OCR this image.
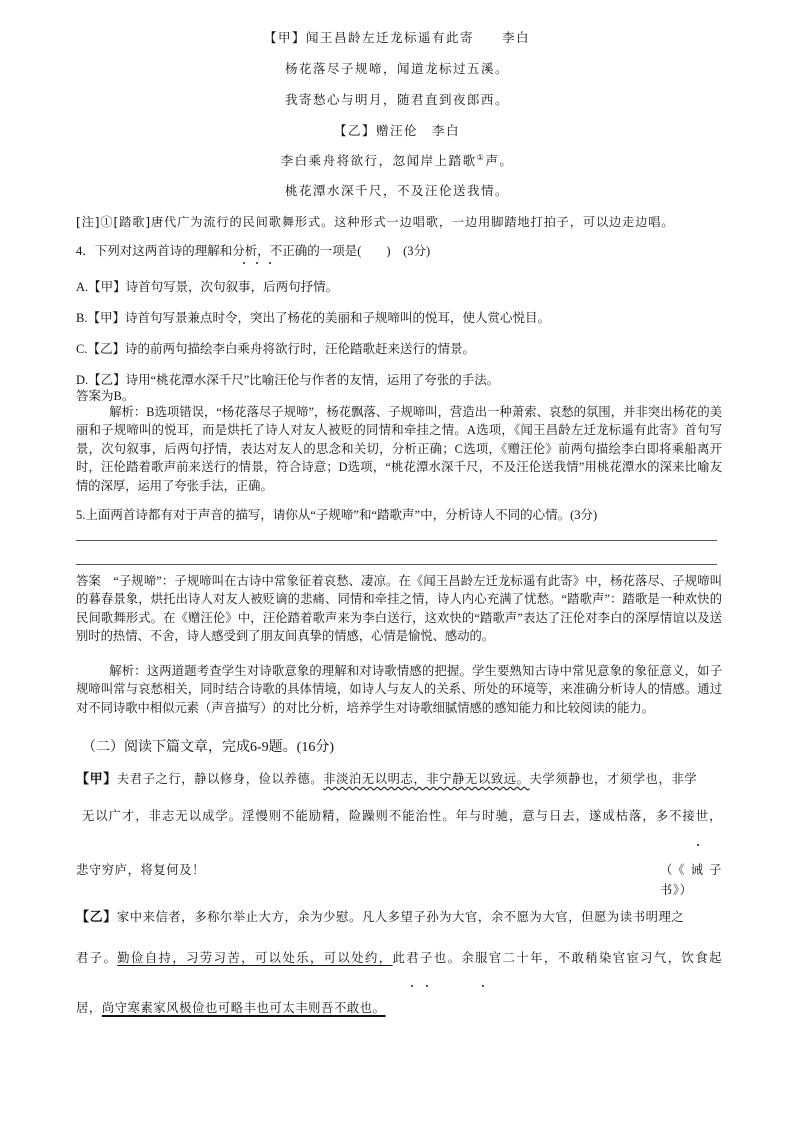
【甲】闻王昌龄左迁龙标遥有此寄　　 李白
杨花落尽子规啼，闻道龙标过五溪。
我寄愁心与明月，随君直到夜郎西。
【乙】赠汪伦　 李白
李白乘舟将欲行，忽闻岸上踏歌①声。
桃花潭水深千尺，不及汪伦送我情。
[注]①[踏歌]唐代广为流行的民间歌舞形式。这种形式一边唱歌，一边用脚踏地打拍子，可以边走边唱。
4．下列对这两首诗的理解和分析，不正确的一项是(　　)　(3分)
A.【甲】诗首句写景，次句叙事，后两句抒情。
B.【甲】诗首句写景兼点时令，突出了杨花的美丽和子规啼叫的悦耳，使人赏心悦目。
C.【乙】诗的前两句描绘李白乘舟将欲行时，汪伦踏歌赶来送行的情景。
D.【乙】诗用“桃花潭水深千尺”比喻汪伦与作者的友情，运用了夸张的手法。
答案为B。
解析：B选项错误，“杨花落尽子规啼”，杨花飘落、子规啼叫，营造出一种萧索、哀愁的氛围，并非突出杨花的美丽和子规啼叫的悦耳，而是烘托了诗人对友人被贬的同情和牵挂之情。A选项，《闻王昌龄左迁龙标遥有此寄》首句写景，次句叙事，后两句抒情，表达对友人的思念和关切，分析正确；C选项，《赠汪伦》前两句描绘李白即将乘船离开时，汪伦踏着歌声前来送行的情景，符合诗意；D选项，“桃花潭水深千尺，不及汪伦送我情”用桃花潭水的深来比喻友情的深厚，运用了夸张手法，正确。
5.上面两首诗都有对于声音的描写，请你从“子规啼”和“踏歌声”中，分析诗人不同的心情。(3分)
答案　“子规啼”：子规啼叫在古诗中常象征着哀愁、凄凉。在《闻王昌龄左迁龙标遥有此寄》中，杨花落尽、子规啼叫的暮春景象，烘托出诗人对友人被贬谪的悲痛、同情和牵挂之情，诗人内心充满了忧愁。“踏歌声”：踏歌是一种欢快的民间歌舞形式。在《赠汪伦》中，汪伦踏着歌声来为李白送行，这欢快的“踏歌声”表达了汪伦对李白的深厚情谊以及送别时的热情、不舍，诗人感受到了朋友间真挚的情感，心情是愉悦、感动的。
解析：这两道题考查学生对诗歌意象的理解和对诗歌情感的把握。学生要熟知古诗中常见意象的象征意义，如子规啼叫常与哀愁相关，同时结合诗歌的具体情境，如诗人与友人的关系、所处的环境等，来准确分析诗人的情感。通过对不同诗歌中相似元素（声音描写）的对比分析，培养学生对诗歌细腻情感的感知能力和比较阅读的能力。
（二）阅读下篇文章，完成6-9题。(16分)
【甲】夫君子之行，静以修身，俭以养德。非淡泊无以明志，非宁静无以致远。夫学须静也，才须学也，非学
无以广才，非志无以成学。淫慢则不能励精，险躁则不能治性。年与时驰，意与日去，遂成枯落，多不接世，
悲守穷庐，将复何及！	（《诫子书》）
【乙】家中来信者，多称尔举止大方，余为少慰。凡人多望子孙为大官，余不愿为大官，但愿为读书明理之
君子。勤俭自持，习劳习苦，可以处乐，可以处约，此君子也。余服官二十年，不敢稍染官宦习气，饮食起
居，尚守寒素家风极俭也可略丰也可太丰则吾不敢也。
